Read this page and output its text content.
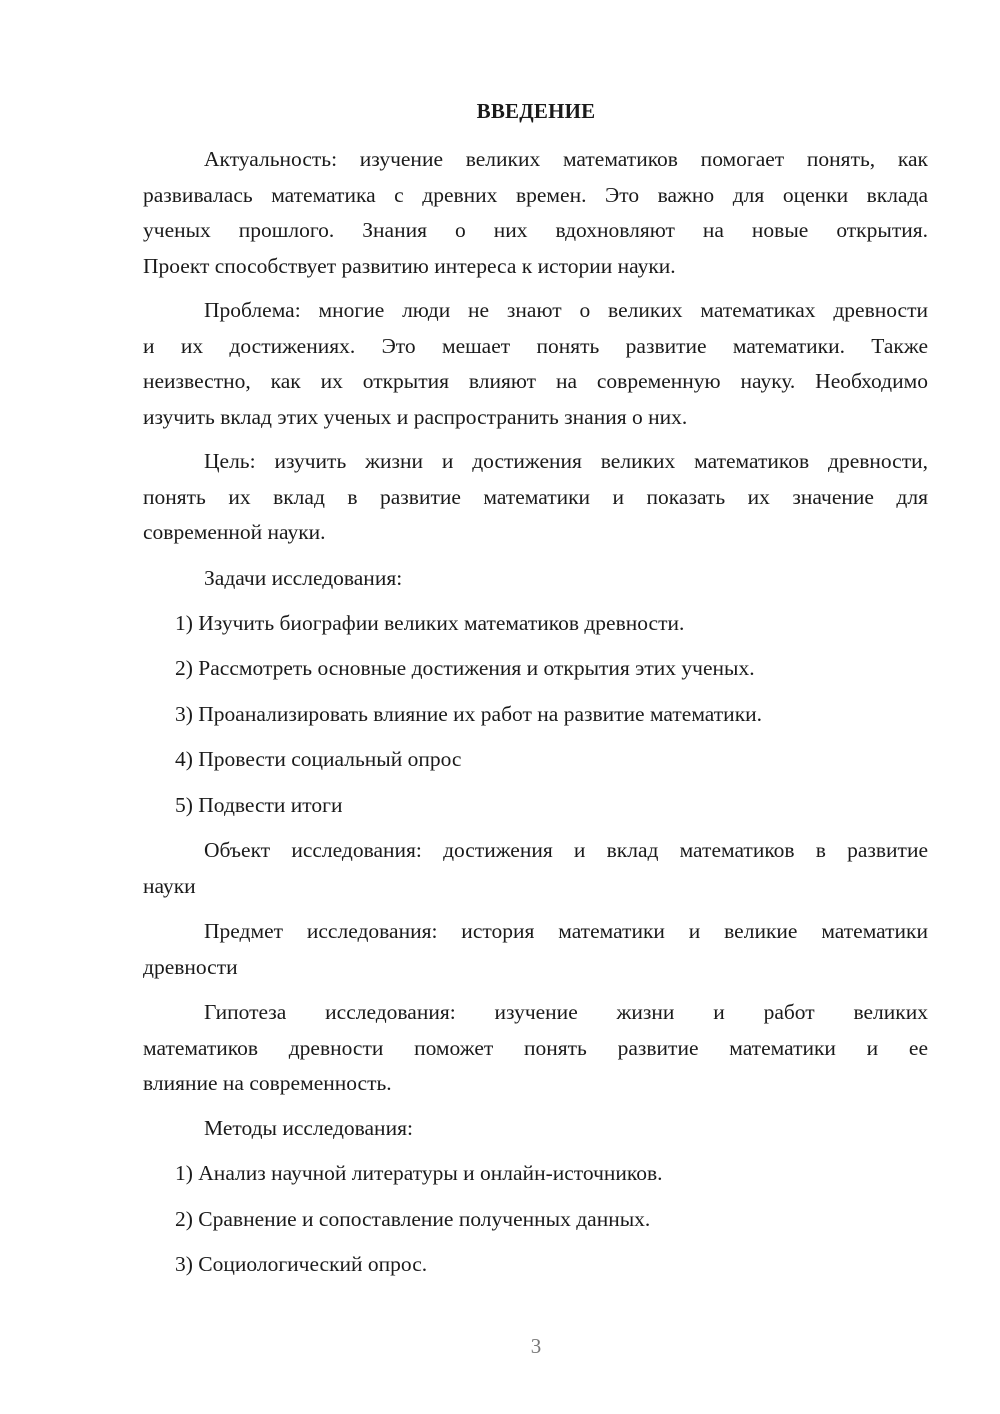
ВВЕДЕНИЕ
Актуальность: изучение великих математиков помогает понять, как
развивалась математика с древних времен. Это важно для оценки вклада
ученых прошлого. Знания о них вдохновляют на новые открытия.
Проект способствует развитию интереса к истории науки.
Проблема: многие люди не знают о великих математиках древности
и их достижениях. Это мешает понять развитие математики. Также
неизвестно, как их открытия влияют на современную науку. Необходимо
изучить вклад этих ученых и распространить знания о них.
Цель: изучить жизни и достижения великих математиков древности,
понять их вклад в развитие математики и показать их значение для
современной науки.
Задачи исследования:
1) Изучить биографии великих математиков древности.
2) Рассмотреть основные достижения и открытия этих ученых.
3) Проанализировать влияние их работ на развитие математики.
4) Провести социальный опрос
5) Подвести итоги
Объект исследования: достижения и вклад математиков в развитие
науки
Предмет исследования: история математики и великие математики
древности
Гипотеза исследования: изучение жизни и работ великих
математиков древности поможет понять развитие математики и ее
влияние на современность.
Методы исследования:
1) Анализ научной литературы и онлайн-источников.
2) Сравнение и сопоставление полученных данных.
3) Социологический опрос.
3
